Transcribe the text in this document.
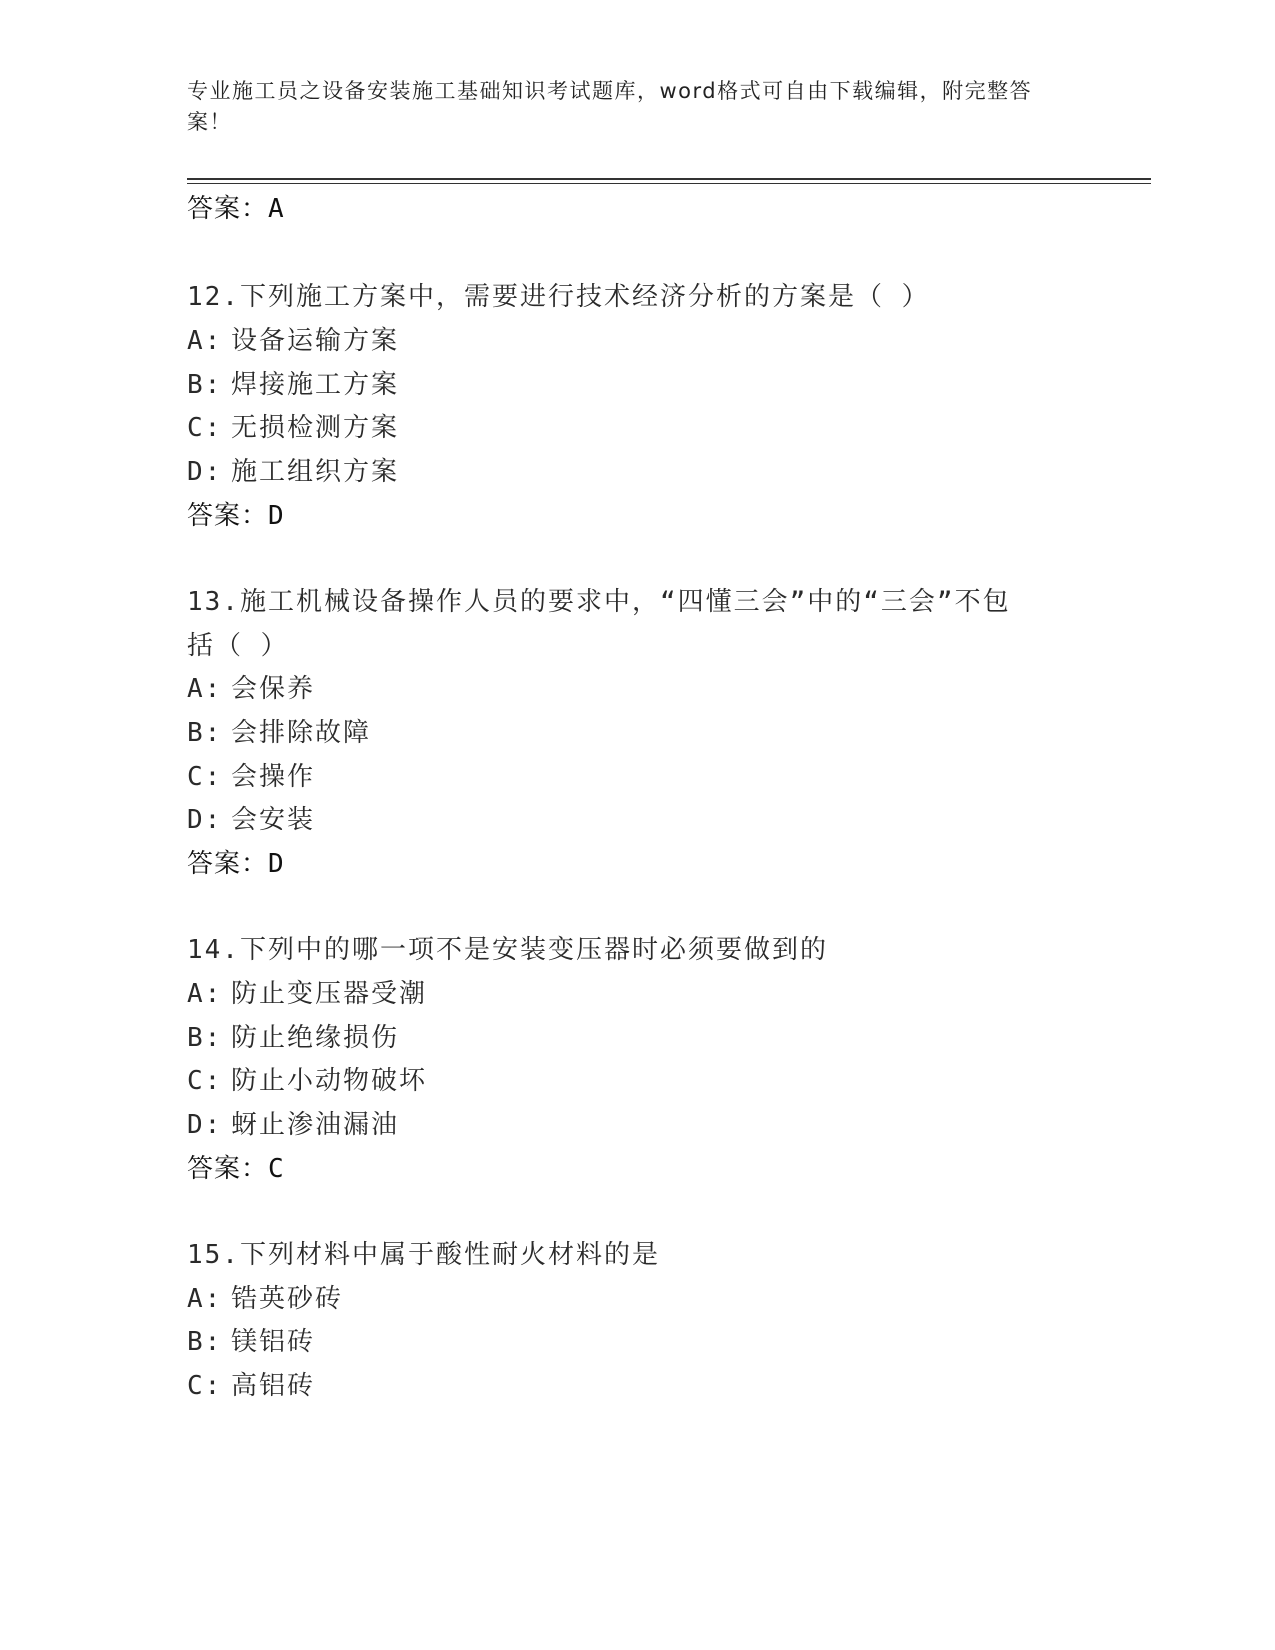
专业施工员之设备安装施工基础知识考试题库，word格式可自由下载编辑，附完整答案！
答案：A
12.下列施工方案中，需要进行技术经济分析的方案是（ ）
A: 设备运输方案
B: 焊接施工方案
C: 无损检测方案
D: 施工组织方案
答案：D
13.施工机械设备操作人员的要求中，“四懂三会”中的“三会”不包
括（ ）
A: 会保养
B: 会排除故障
C: 会操作
D: 会安装
答案：D
14.下列中的哪一项不是安装变压器时必须要做到的
A: 防止变压器受潮
B: 防止绝缘损伤
C: 防止小动物破坏
D: 蚜止渗油漏油
答案：C
15.下列材料中属于酸性耐火材料的是
A: 锆英砂砖
B: 镁铝砖
C: 高铝砖
